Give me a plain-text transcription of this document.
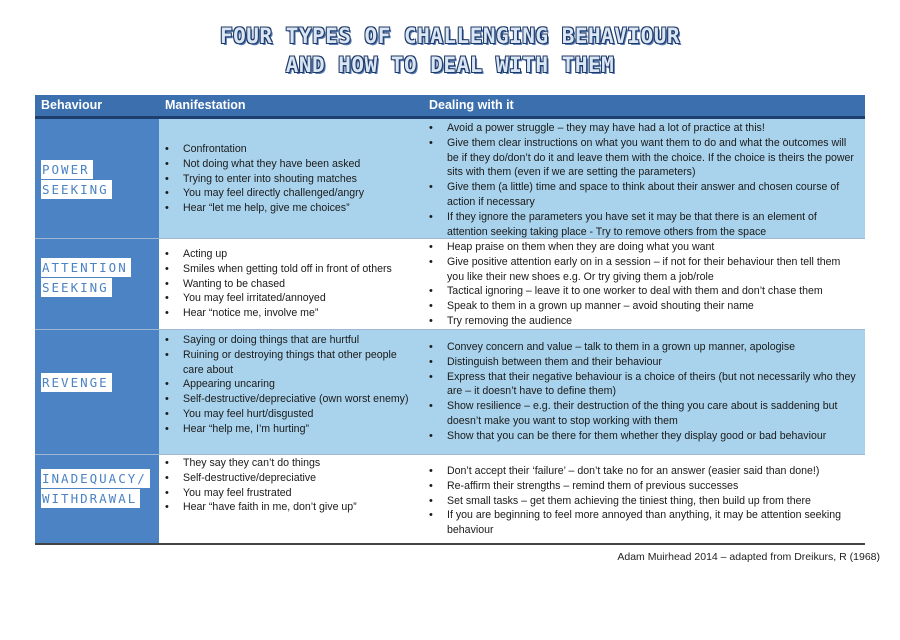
FOUR TYPES OF CHALLENGING BEHAVIOUR
AND HOW TO DEAL WITH THEM
Behaviour	Manifestation	Dealing with it
POWER
SEEKING
• Confrontation
• Not doing what they have been asked
• Trying to enter into shouting matches
• You may feel directly challenged/angry
• Hear “let me help, give me choices”
• Avoid a power struggle – they may have had a lot of practice at this!
• Give them clear instructions on what you want them to do and what the outcomes will be if they do/don’t do it and leave them with the choice. If the choice is theirs the power sits with them (even if we are setting the parameters)
• Give them (a little) time and space to think about their answer and chosen course of action if necessary
• If they ignore the parameters you have set it may be that there is an element of attention seeking taking place - Try to remove others from the space
ATTENTION
SEEKING
• Acting up
• Smiles when getting told off in front of others
• Wanting to be chased
• You may feel irritated/annoyed
• Hear “notice me, involve me”
• Heap praise on them when they are doing what you want
• Give positive attention early on in a session – if not for their behaviour then tell them you like their new shoes e.g. Or try giving them a job/role
• Tactical ignoring – leave it to one worker to deal with them and don’t chase them
• Speak to them in a grown up manner – avoid shouting their name
• Try removing the audience
REVENGE
• Saying or doing things that are hurtful
• Ruining or destroying things that other people care about
• Appearing uncaring
• Self-destructive/depreciative (own worst enemy)
• You may feel hurt/disgusted
• Hear “help me, I’m hurting”
• Convey concern and value – talk to them in a grown up manner, apologise
• Distinguish between them and their behaviour
• Express that their negative behaviour is a choice of theirs (but not necessarily who they are – it doesn’t have to define them)
• Show resilience – e.g. their destruction of the thing you care about is saddening but doesn’t make you want to stop working with them
• Show that you can be there for them whether they display good or bad behaviour
INADEQUACY/
WITHDRAWAL
• They say they can’t do things
• Self-destructive/depreciative
• You may feel frustrated
• Hear “have faith in me, don’t give up”
• Don’t accept their ‘failure’ – don’t take no for an answer (easier said than done!)
• Re-affirm their strengths – remind them of previous successes
• Set small tasks – get them achieving the tiniest thing, then build up from there
• If you are beginning to feel more annoyed than anything, it may be attention seeking behaviour
Adam Muirhead 2014 – adapted from Dreikurs, R (1968)
